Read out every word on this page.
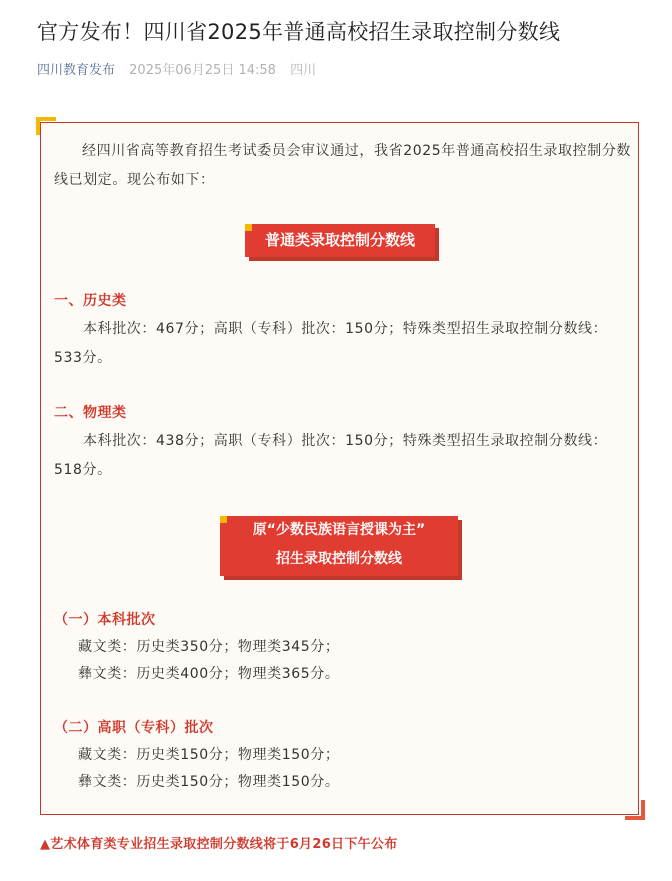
官方发布！四川省2025年普通高校招生录取控制分数线
四川教育发布 2025年06月25日 14:58 四川
经四川省高等教育招生考试委员会审议通过，我省2025年普通高校招生录取控制分数线已划定。现公布如下：
普通类录取控制分数线
一、历史类
本科批次：467分；高职（专科）批次：150分；特殊类型招生录取控制分数线：533分。
二、物理类
本科批次：438分；高职（专科）批次：150分；特殊类型招生录取控制分数线：518分。
原“少数民族语言授课为主”
招生录取控制分数线
（一）本科批次
藏文类：历史类350分；物理类345分；
彝文类：历史类400分；物理类365分。
（二）高职（专科）批次
藏文类：历史类150分；物理类150分；
彝文类：历史类150分；物理类150分。
▲艺术体育类专业招生录取控制分数线将于6月26日下午公布
